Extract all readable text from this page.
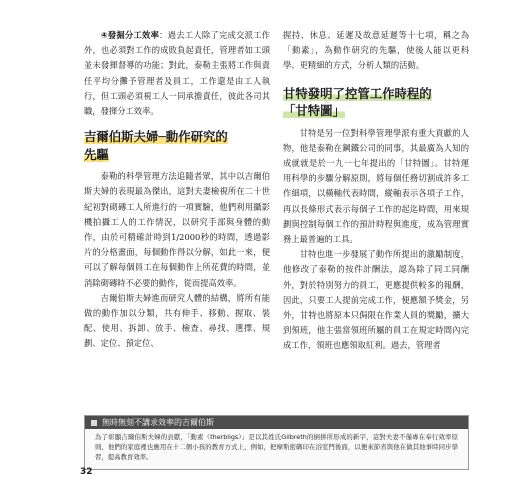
④發掘分工效率：過去工人除了完成交派工作外，也必須對工作的成敗負起責任，管理者如工頭並未發揮督導的功能；對此，泰勒主張將工作與責任平均分攤予管理者及員工，工作還是由工人執行，但工頭必須視工人一同承擔責任，彼此各司其職，發揮分工效率。

吉爾伯斯夫婦─動作研究的
先驅

泰勒的科學管理方法追隨者眾，其中以吉爾伯斯夫婦的表現最為傑出，這對夫妻檢視所在二十世紀初對砌磚工人所進行的一項實驗，他們利用攝影機拍攝工人的工作情況，以研究手部與身體的動作，由於可精確計時到1/2000秒的時間，透過影片的分格畫面，每個動作得以分解，如此一來，便可以了解每個員工在每個動作上所花費的時間，並消除砌磚時不必要的動作，從而提高效率。

吉爾伯斯夫婦進而研究人體的結構，將所有能做的動作加以分類，共有伸手、移動、握取、裝配、使用、拆卸、放手、檢查、尋找、選擇、規劃、定位、預定位、

握持、休息、延遲及故意延遲等十七項，稱之為「動素」，為動作研究的先驅，使後人能以更科學、更精細的方式，分析人類的活動。

甘特發明了控管工作時程的
「甘特圖」

甘特是另一位對科學管理學派有重大貢獻的人物，他是泰勒在鋼鐵公司的同事，其最廣為人知的成就就是於一九一七年提出的「甘特圖」。甘特運用科學的步驟分解原則，將每個任務切割成許多工作細項，以橫軸代表時間，縱軸表示各項子工作，再以長條形式表示每個子工作的起迄時間，用來規劃與控制每個工作的預計時程與進度，成為管理實務上最普遍的工具。

甘特也進一步發展了動作所提出的激勵制度，他修改了泰勒的按件計酬法，認為除了同工同酬外，對於特別努力的員工，更應提供較多的報酬，因此，只要工人提前完成工作，便應額予獎金，另外，甘特也將原本只侷限在作業人員的獎勵，擴大到領班，他主張當領班所屬的員工在規定時間內完成工作，領班也應領取紅利。過去，管理者

無時無刻不講求效率的吉爾伯斯

為了彰顯吉爾伯斯夫婦的貢獻，「動素（therbligs）」是以其姓氏Gilbreth的倒拼所形成的新字，這對夫妻不僅專在奉行效率原則，他們的家庭裡也應用在十二個小孩的教育方式上，例如，把摩斯密碼印在浴室門後面，以便來節省與他在做其他事時同步學習，提高教育效率。

32
